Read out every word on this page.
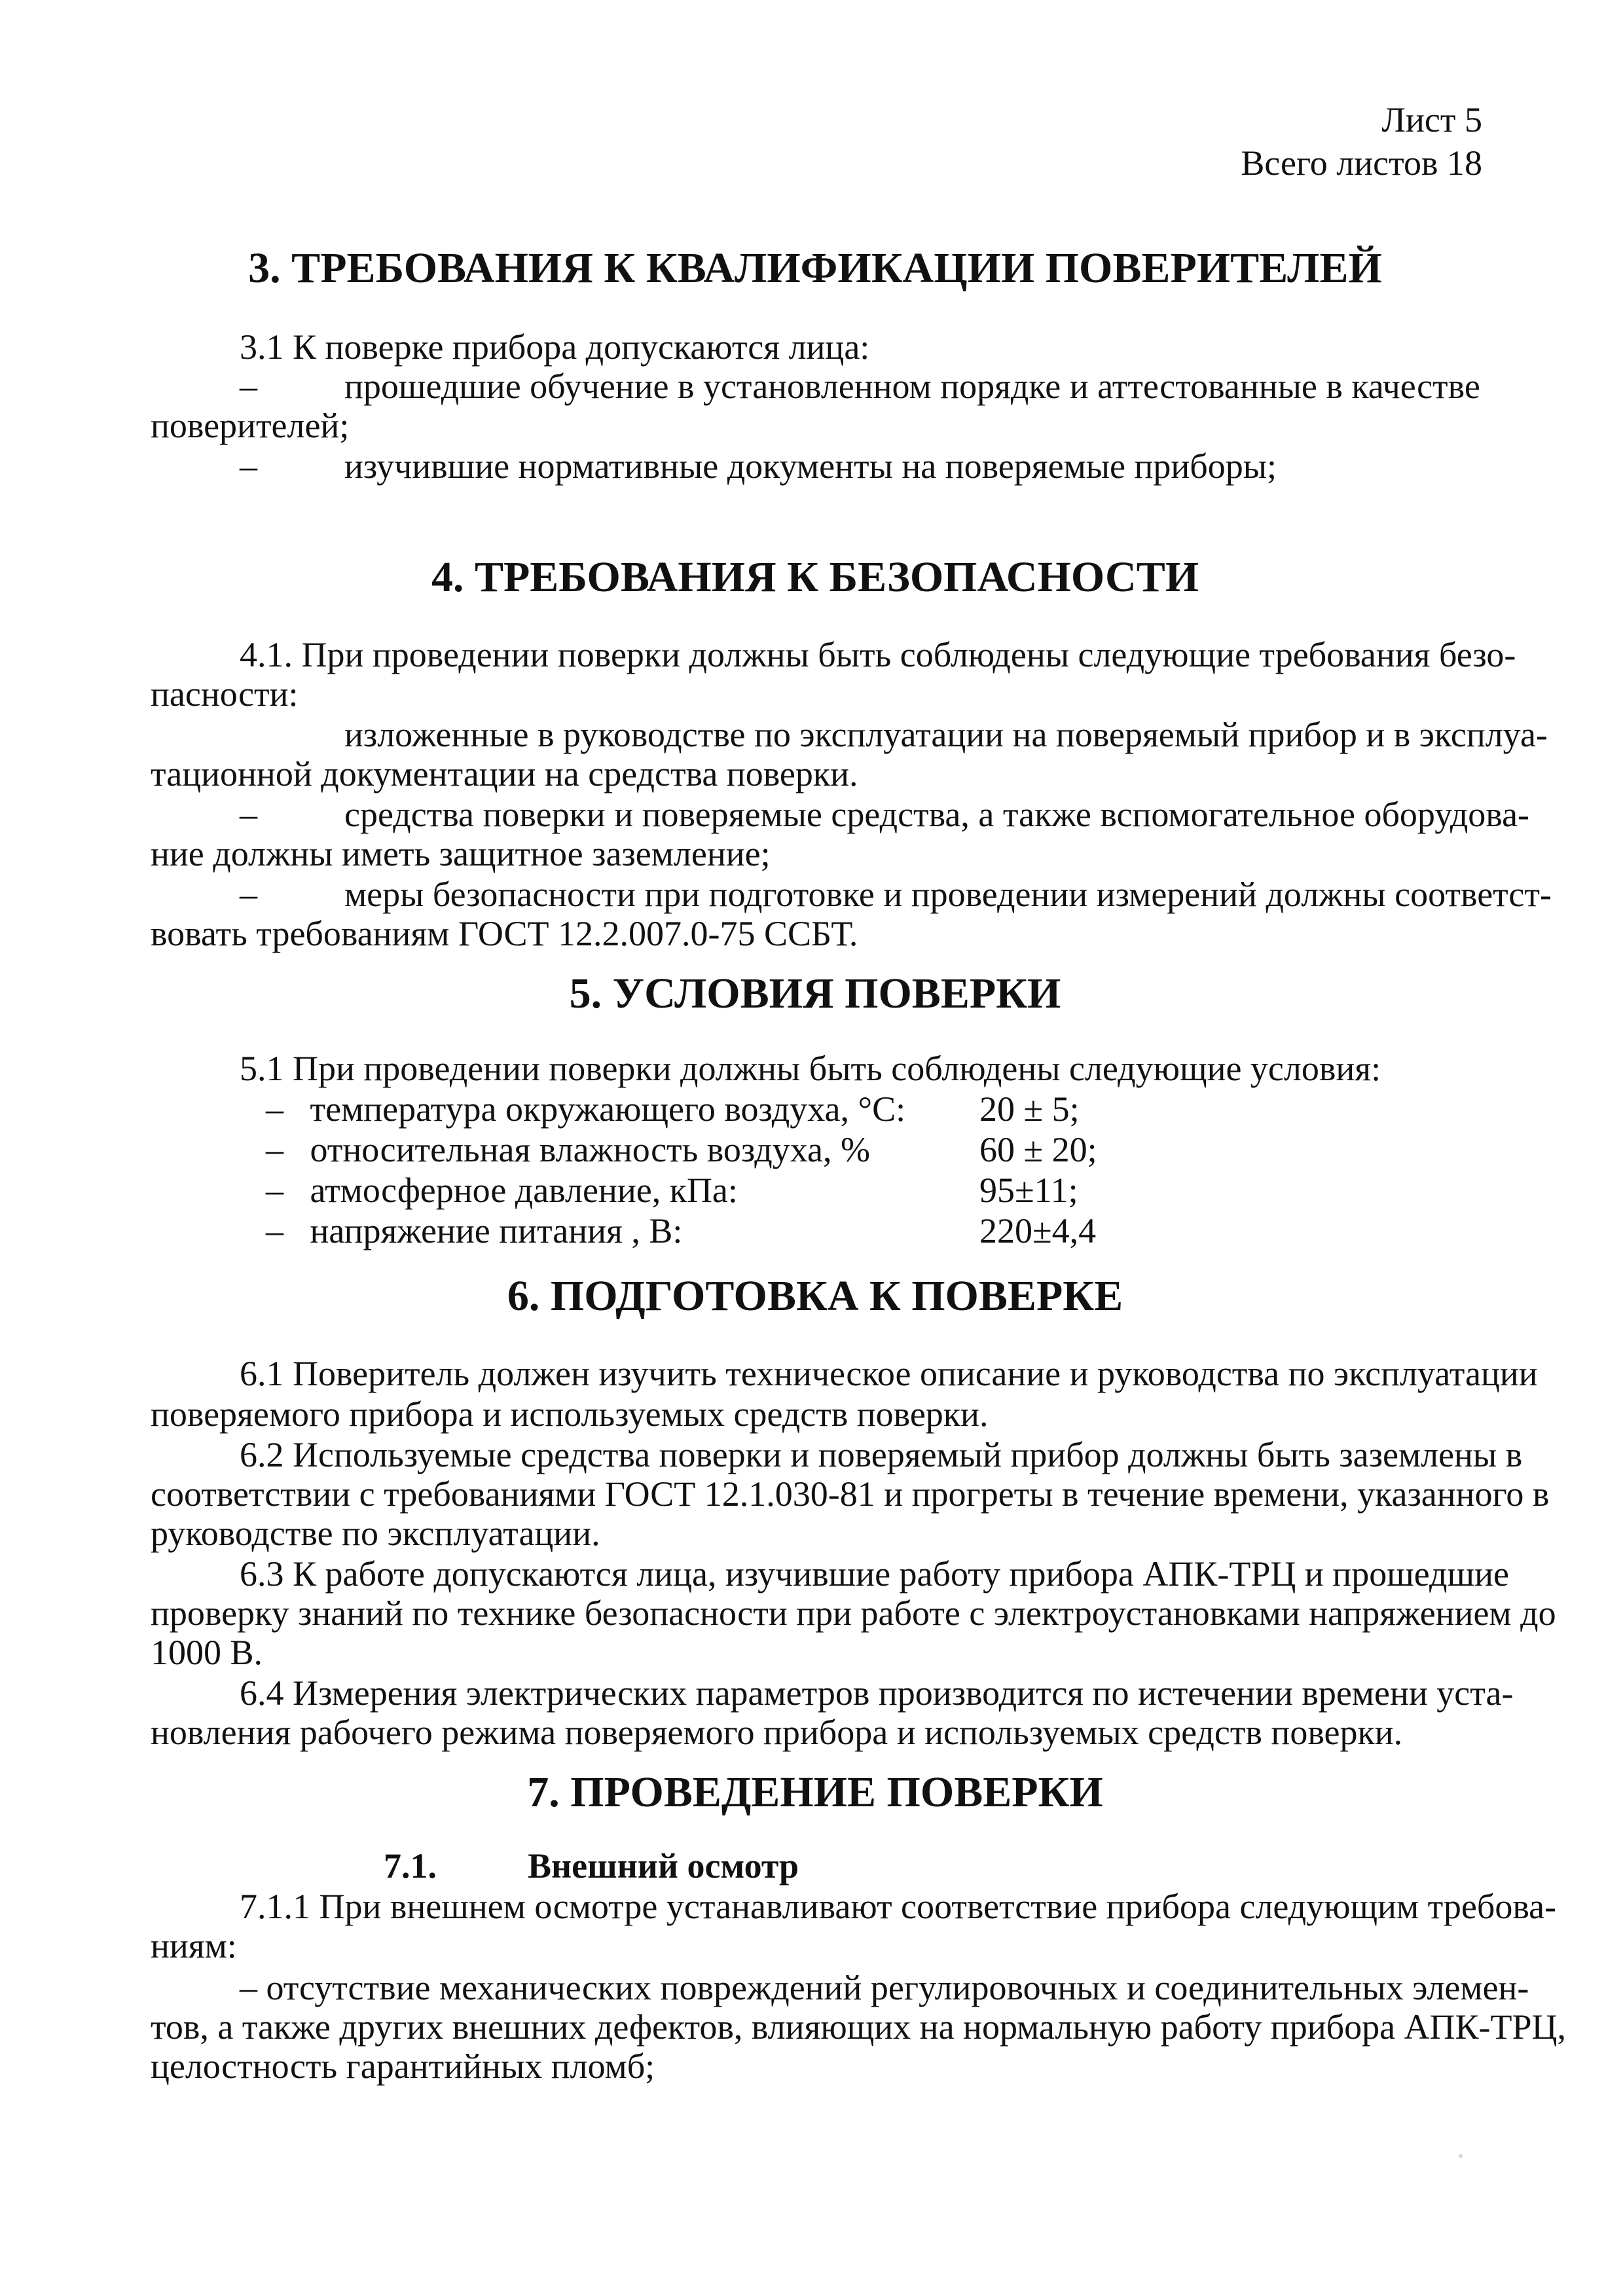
Лист 5
Всего листов 18
3. ТРЕБОВАНИЯ К КВАЛИФИКАЦИИ ПОВЕРИТЕЛЕЙ
3.1 К поверке прибора допускаются лица:
– прошедшие обучение в установленном порядке и аттестованные в качестве
поверителей;
– изучившие нормативные документы на поверяемые приборы;
4. ТРЕБОВАНИЯ К БЕЗОПАСНОСТИ
4.1. При проведении поверки должны быть соблюдены следующие требования безо-
пасности:
изложенные в руководстве по эксплуатации на поверяемый прибор и в эксплуа-
тационной документации на средства поверки.
– средства поверки и поверяемые средства, а также вспомогательное оборудова-
ние должны иметь защитное заземление;
– меры безопасности при подготовке и проведении измерений должны соответст-
вовать требованиям ГОСТ 12.2.007.0-75 ССБТ.
5. УСЛОВИЯ ПОВЕРКИ
5.1 При проведении поверки должны быть соблюдены следующие условия:
–   температура окружающего воздуха, °С: 20 ± 5;
–   относительная влажность воздуха, %	60 ± 20;
–   атмосферное давление, кПа:	95±11;
–   напряжение питания , В:	220±4,4
6. ПОДГОТОВКА К ПОВЕРКЕ
6.1 Поверитель должен изучить техническое описание и руководства по эксплуатации
поверяемого прибора и используемых средств поверки.
6.2 Используемые средства поверки и поверяемый прибор должны быть заземлены в
соответствии с требованиями ГОСТ 12.1.030-81 и прогреты в течение времени, указанного в
руководстве по эксплуатации.
6.3 К работе допускаются лица, изучившие работу прибора АПК-ТРЦ и прошедшие
проверку знаний по технике безопасности при работе с электроустановками напряжением до
1000 В.
6.4 Измерения электрических параметров производится по истечении времени уста-
новления рабочего режима поверяемого прибора и используемых средств поверки.
7. ПРОВЕДЕНИЕ ПОВЕРКИ
7.1.	Внешний осмотр
7.1.1 При внешнем осмотре устанавливают соответствие прибора следующим требова-
ниям:
– отсутствие механических повреждений регулировочных и соединительных элемен-
тов, а также других внешних дефектов, влияющих на нормальную работу прибора АПК-ТРЦ,
целостность гарантийных пломб;
